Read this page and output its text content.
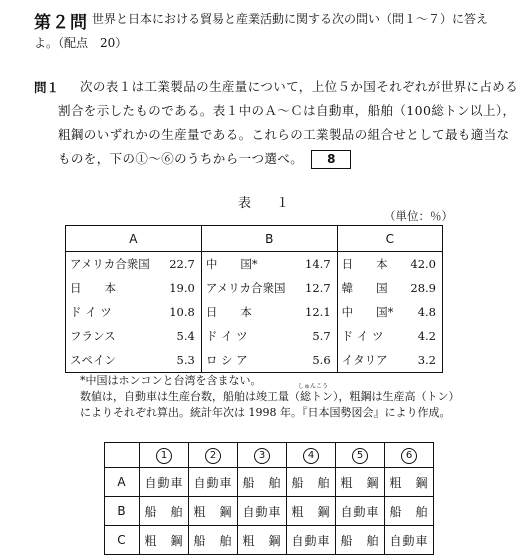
第２問 世界と日本における貿易と産業活動に関する次の問い（問１～７）に答え
よ。（配点　20）
問１ 次の表１は工業製品の生産量について，上位５か国それぞれが世界に占める
割合を示したものである。表１中のＡ～Ｃは自動車，船舶（100総トン以上），
粗鋼のいずれかの生産量である。これらの工業製品の組合せとして最も適当な
ものを，下の①～⑥のうちから一つ選べ。 8
表　１
（単位：％）
A		B		C	
アメリカ合衆国	22.7	中　　国*	14.7	日　　本	42.0
日　　本	19.0	アメリカ合衆国	12.7	韓　　国	28.9
ド イ ツ	10.8	日　　本	12.1	中　　国*	4.8
フランス	5.4	ド イ ツ	5.7	ド イ ツ	4.2
スペイン	5.3	ロ シ ア	5.6	イタリア	3.2
*中国はホンコンと台湾を含まない。	しゅんこう
数値は，自動車は生産台数，船舶は竣工量（総トン），粗鋼は生産高（トン）
によりそれぞれ算出。統計年次は 1998 年。『日本国勢図会』により作成。
	1	2	3	4	5	6
A	自動車	自動車	船　舶	船　舶	粗　鋼	粗　鋼
B	船　舶	粗　鋼	自動車	粗　鋼	自動車	船　舶
C	粗　鋼	船　舶	粗　鋼	自動車	船　舶	自動車
